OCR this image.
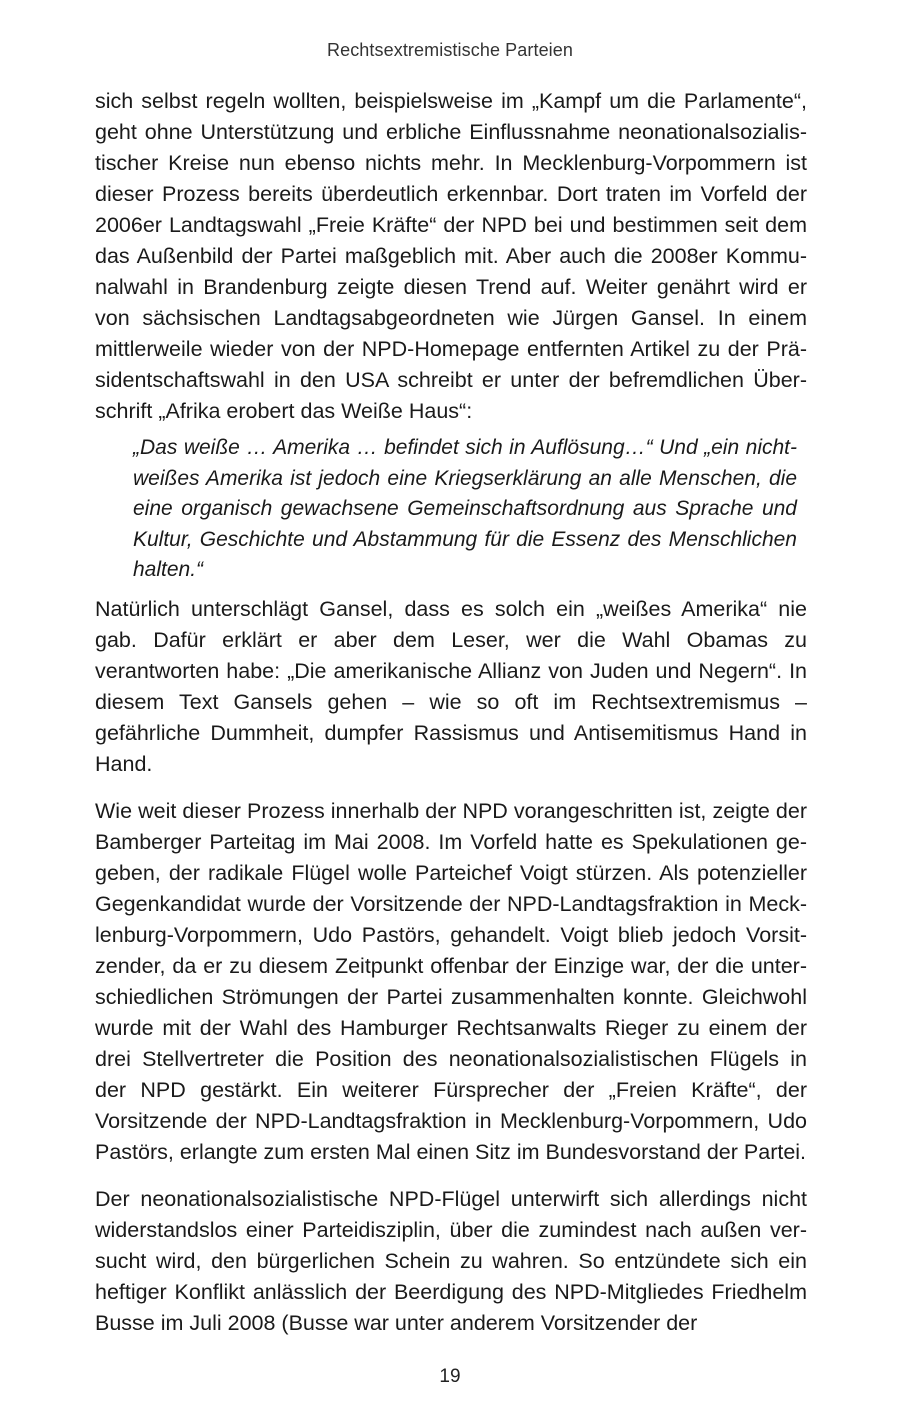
Rechtsextremistische Parteien

sich selbst regeln wollten, beispielsweise im „Kampf um die Parlamente“, geht ohne Unterstützung und erbliche Einflussnahme neonationalsozialistischer Kreise nun ebenso nichts mehr. In Mecklenburg-Vorpommern ist dieser Prozess bereits überdeutlich erkennbar. Dort traten im Vorfeld der 2006er Landtagswahl „Freie Kräfte“ der NPD bei und bestimmen seit dem das Außenbild der Partei maßgeblich mit. Aber auch die 2008er Kommunalwahl in Brandenburg zeigte diesen Trend auf. Weiter genährt wird er von sächsischen Landtagsabgeordneten wie Jürgen Gansel. In einem mittlerweile wieder von der NPD-Homepage entfernten Artikel zu der Präsidentschaftswahl in den USA schreibt er unter der befremdlichen Überschrift „Afrika erobert das Weiße Haus“:

„Das weiße … Amerika … befindet sich in Auflösung…“ Und „ein nicht-weißes Amerika ist jedoch eine Kriegserklärung an alle Menschen, die eine organisch gewachsene Gemeinschaftsordnung aus Sprache und Kultur, Geschichte und Abstammung für die Essenz des Menschlichen halten.“

Natürlich unterschlägt Gansel, dass es solch ein „weißes Amerika“ nie gab. Dafür erklärt er aber dem Leser, wer die Wahl Obamas zu verantworten habe: „Die amerikanische Allianz von Juden und Negern“. In diesem Text Gansels gehen – wie so oft im Rechtsextremismus – gefährliche Dummheit, dumpfer Rassismus und Antisemitismus Hand in Hand.

Wie weit dieser Prozess innerhalb der NPD vorangeschritten ist, zeigte der Bamberger Parteitag im Mai 2008. Im Vorfeld hatte es Spekulationen gegeben, der radikale Flügel wolle Parteichef Voigt stürzen. Als potenzieller Gegenkandidat wurde der Vorsitzende der NPD-Landtagsfraktion in Mecklenburg-Vorpommern, Udo Pastörs, gehandelt. Voigt blieb jedoch Vorsitzender, da er zu diesem Zeitpunkt offenbar der Einzige war, der die unterschiedlichen Strömungen der Partei zusammenhalten konnte. Gleichwohl wurde mit der Wahl des Hamburger Rechtsanwalts Rieger zu einem der drei Stellvertreter die Position des neonationalsozialistischen Flügels in der NPD gestärkt. Ein weiterer Fürsprecher der „Freien Kräfte“, der Vorsitzende der NPD-Landtagsfraktion in Mecklenburg-Vorpommern, Udo Pastörs, erlangte zum ersten Mal einen Sitz im Bundesvorstand der Partei.

Der neonationalsozialistische NPD-Flügel unterwirft sich allerdings nicht widerstandslos einer Parteidisziplin, über die zumindest nach außen versucht wird, den bürgerlichen Schein zu wahren. So entzündete sich ein heftiger Konflikt anlässlich der Beerdigung des NPD-Mitgliedes Friedhelm Busse im Juli 2008 (Busse war unter anderem Vorsitzender der

19
